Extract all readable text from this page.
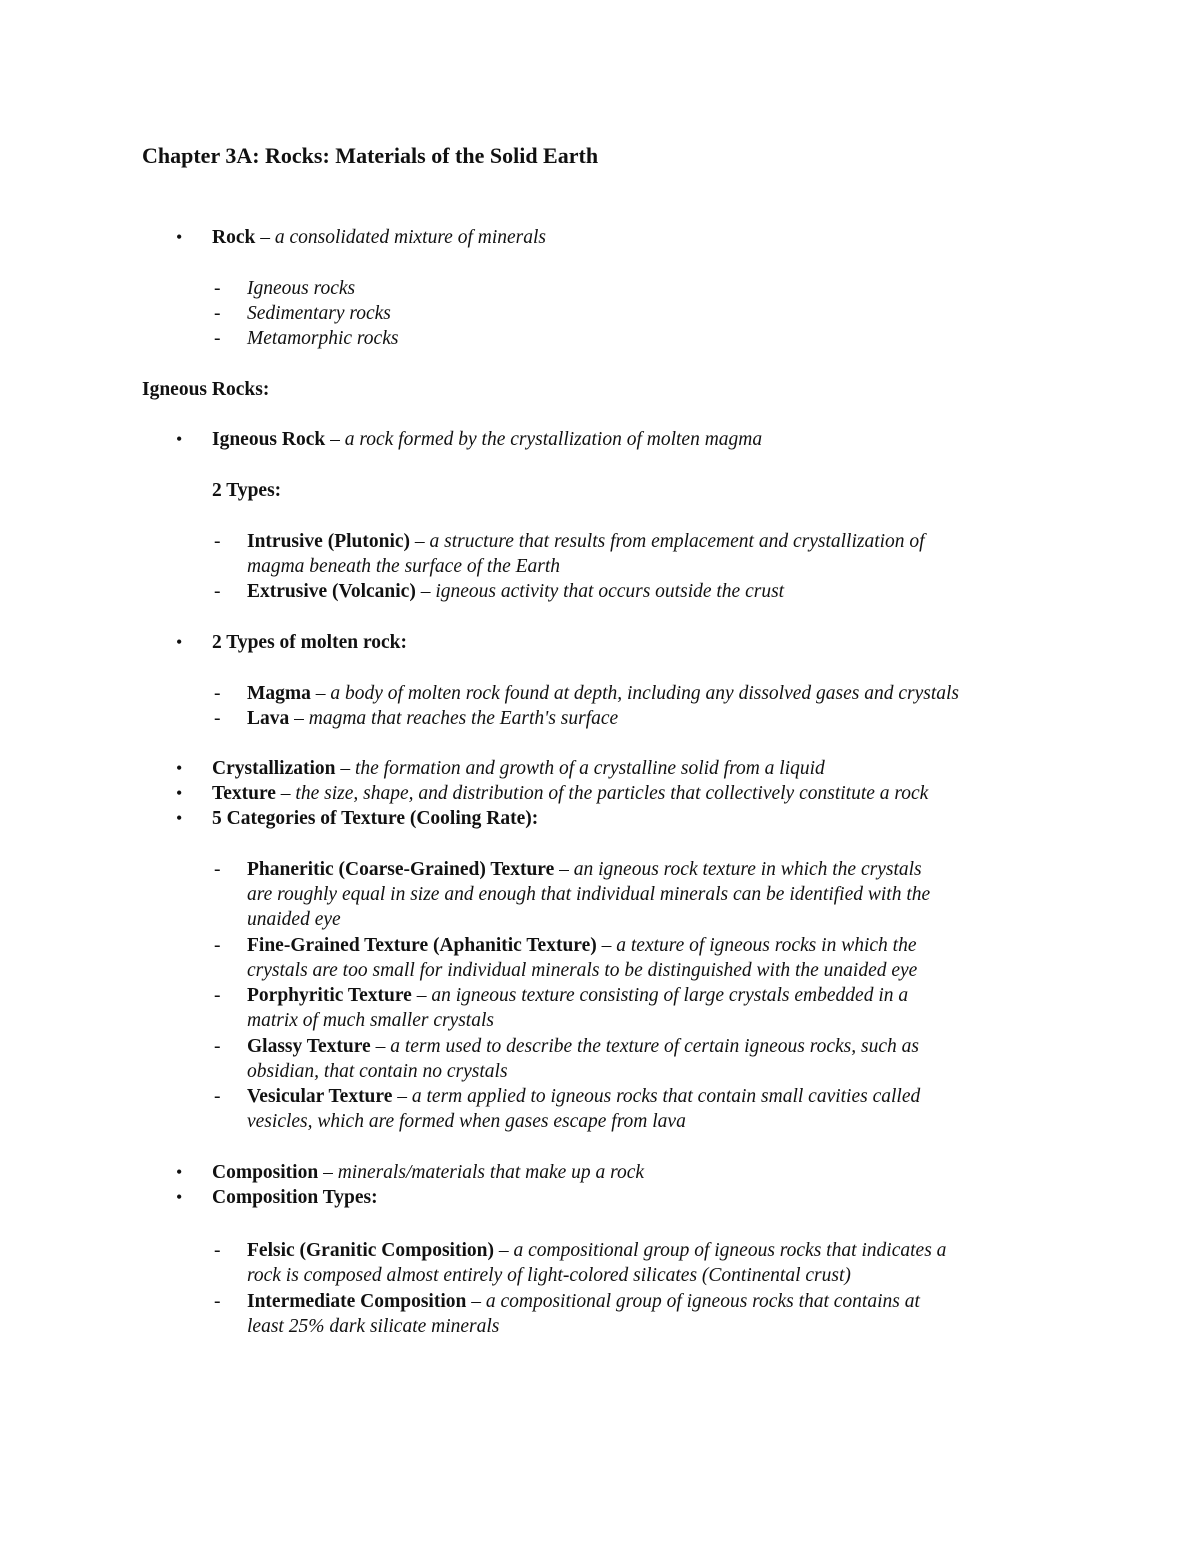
Chapter 3A: Rocks: Materials of the Solid Earth
• Rock – a consolidated mixture of minerals
- Igneous rocks
- Sedimentary rocks
- Metamorphic rocks
Igneous Rocks:
• Igneous Rock – a rock formed by the crystallization of molten magma
2 Types:
- Intrusive (Plutonic) – a structure that results from emplacement and crystallization of
magma beneath the surface of the Earth
- Extrusive (Volcanic) – igneous activity that occurs outside the crust
• 2 Types of molten rock:
- Magma – a body of molten rock found at depth, including any dissolved gases and crystals
- Lava – magma that reaches the Earth's surface
• Crystallization – the formation and growth of a crystalline solid from a liquid
• Texture – the size, shape, and distribution of the particles that collectively constitute a rock
• 5 Categories of Texture (Cooling Rate):
- Phaneritic (Coarse-Grained) Texture – an igneous rock texture in which the crystals
are roughly equal in size and enough that individual minerals can be identified with the
unaided eye
- Fine-Grained Texture (Aphanitic Texture) – a texture of igneous rocks in which the
crystals are too small for individual minerals to be distinguished with the unaided eye
- Porphyritic Texture – an igneous texture consisting of large crystals embedded in a
matrix of much smaller crystals
- Glassy Texture – a term used to describe the texture of certain igneous rocks, such as
obsidian, that contain no crystals
- Vesicular Texture – a term applied to igneous rocks that contain small cavities called
vesicles, which are formed when gases escape from lava
• Composition – minerals/materials that make up a rock
• Composition Types:
- Felsic (Granitic Composition) – a compositional group of igneous rocks that indicates a
rock is composed almost entirely of light-colored silicates (Continental crust)
- Intermediate Composition – a compositional group of igneous rocks that contains at
least 25% dark silicate minerals
